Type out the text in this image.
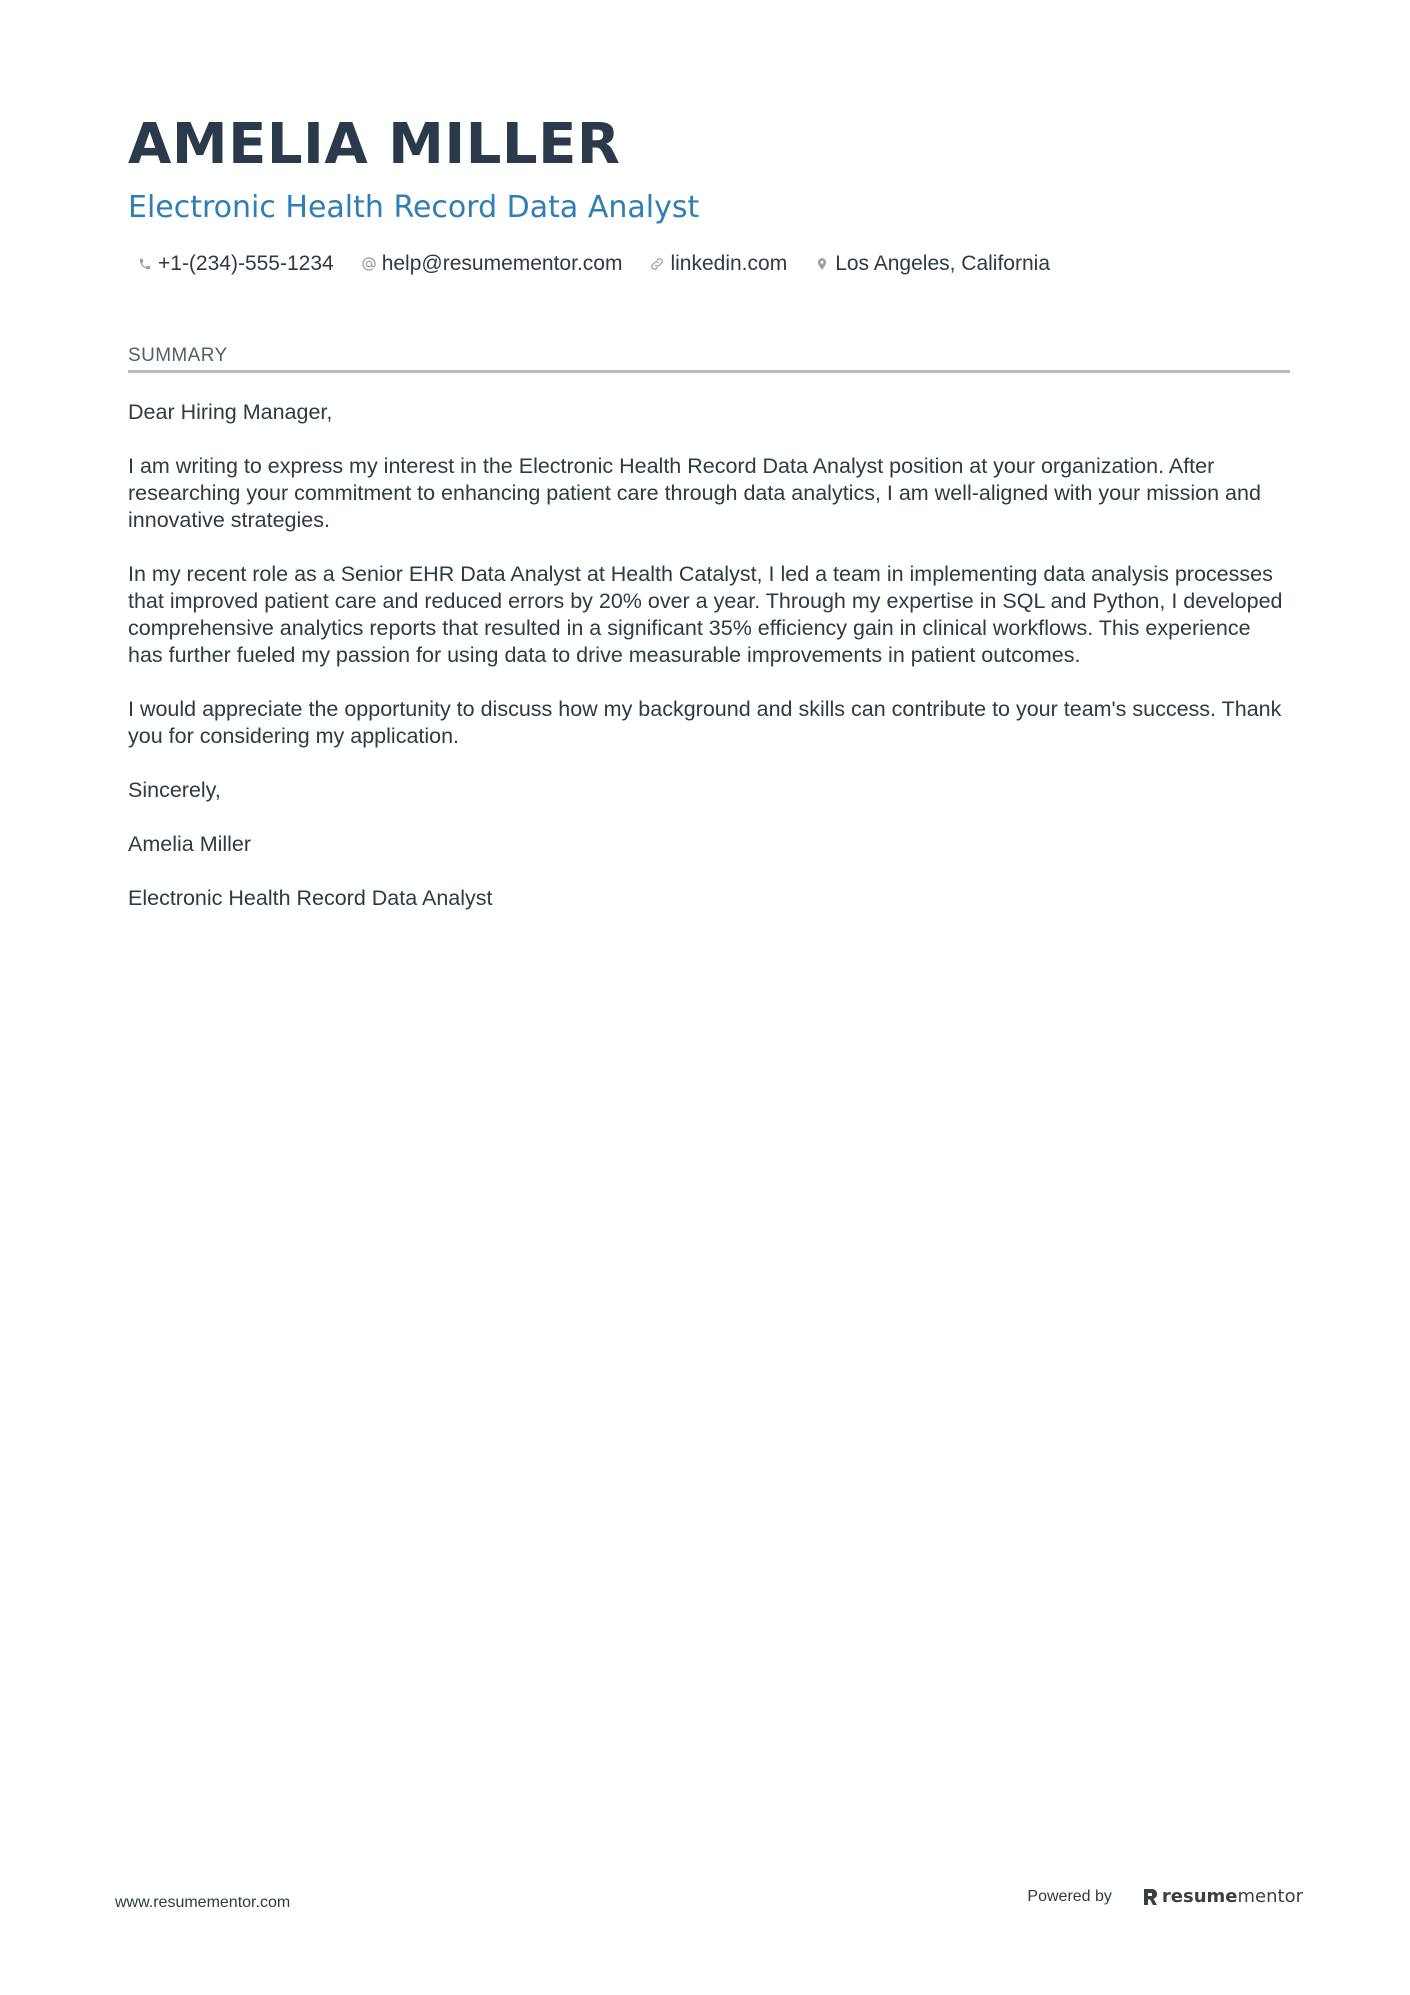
AMELIA MILLER
Electronic Health Record Data Analyst
+1-(234)-555-1234 help@resumementor.com linkedin.com Los Angeles, California
SUMMARY

Dear Hiring Manager,

I am writing to express my interest in the Electronic Health Record Data Analyst position at your organization. After researching your commitment to enhancing patient care through data analytics, I am well-aligned with your mission and innovative strategies.

In my recent role as a Senior EHR Data Analyst at Health Catalyst, I led a team in implementing data analysis processes that improved patient care and reduced errors by 20% over a year. Through my expertise in SQL and Python, I developed comprehensive analytics reports that resulted in a significant 35% efficiency gain in clinical workflows. This experience has further fueled my passion for using data to drive measurable improvements in patient outcomes.

I would appreciate the opportunity to discuss how my background and skills can contribute to your team's success. Thank you for considering my application.

Sincerely,

Amelia Miller

Electronic Health Record Data Analyst

www.resumementor.com	Powered by	resume mentor
